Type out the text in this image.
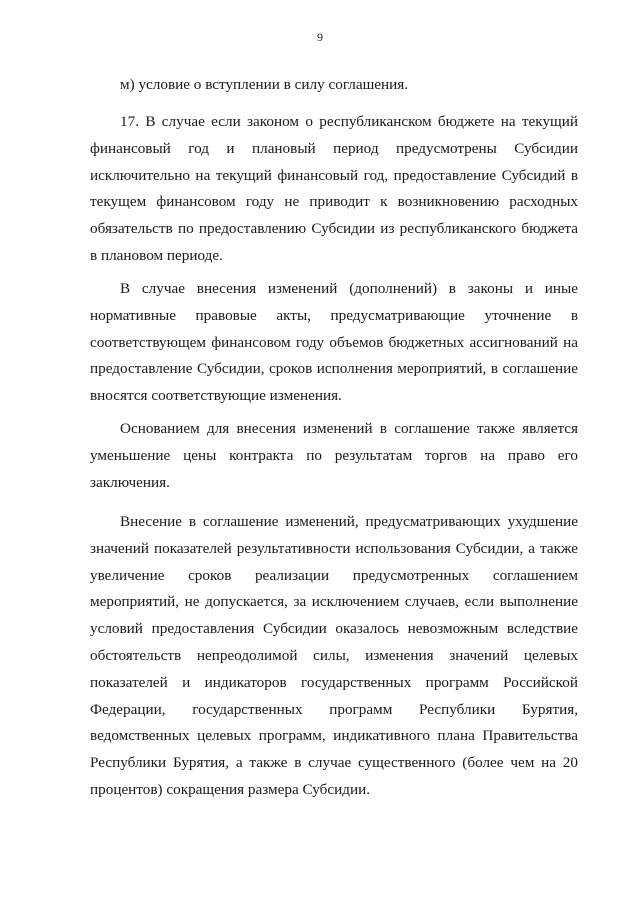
9

м) условие о вступлении в силу соглашения.

17. В случае если законом о республиканском бюджете на текущий финансовый год и плановый период предусмотрены Субсидии исключительно на текущий финансовый год, предоставление Субсидий в текущем финансовом году не приводит к возникновению расходных обязательств по предоставлению Субсидии из республиканского бюджета в плановом периоде.

В случае внесения изменений (дополнений) в законы и иные нормативные правовые акты, предусматривающие уточнение в соответствующем финансовом году объемов бюджетных ассигнований на предоставление Субсидии, сроков исполнения мероприятий, в соглашение вносятся соответствующие изменения.

Основанием для внесения изменений в соглашение также является уменьшение цены контракта по результатам торгов на право его заключения.

Внесение в соглашение изменений, предусматривающих ухудшение значений показателей результативности использования Субсидии, а также увеличение сроков реализации предусмотренных соглашением мероприятий, не допускается, за исключением случаев, если выполнение условий предоставления Субсидии оказалось невозможным вследствие обстоятельств непреодолимой силы, изменения значений целевых показателей и индикаторов государственных программ Российской Федерации, государственных программ Республики Бурятия, ведомственных целевых программ, индикативного плана Правительства Республики Бурятия, а также в случае существенного (более чем на 20 процентов) сокращения размера Субсидии.
